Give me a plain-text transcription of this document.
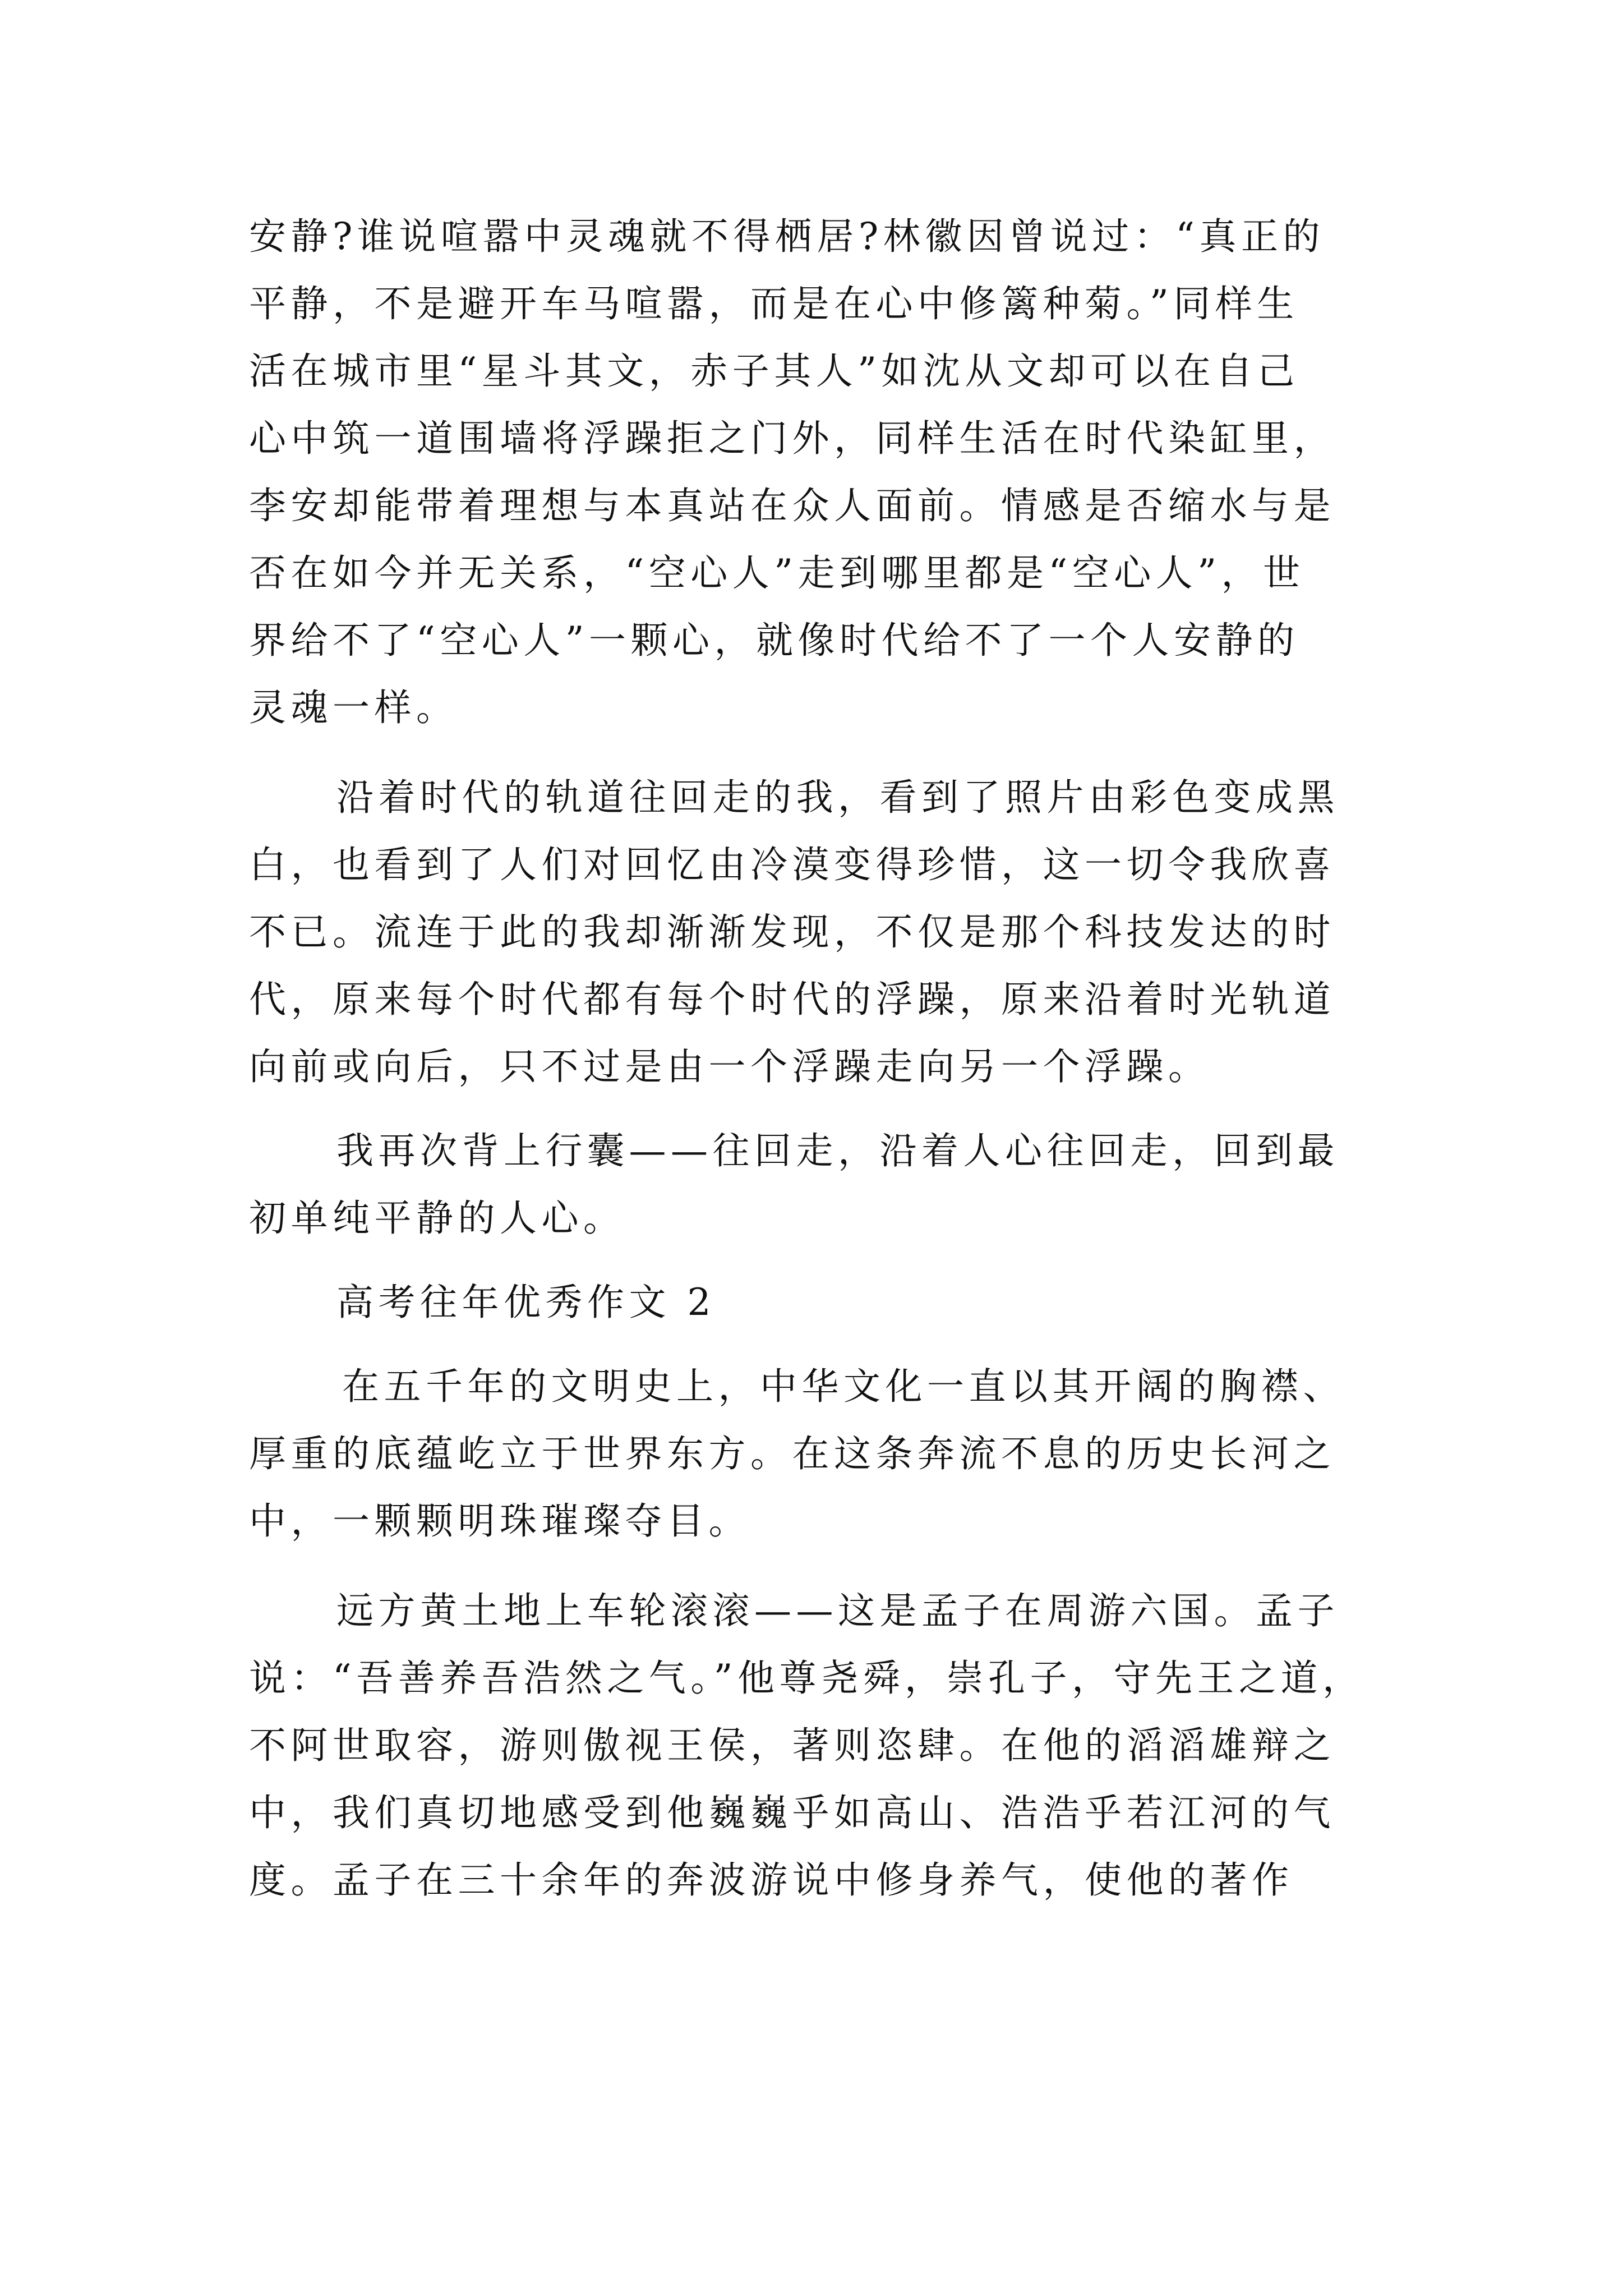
安静?谁说喧嚣中灵魂就不得栖居?林徽因曾说过：“真正的
平静，不是避开车马喧嚣，而是在心中修篱种菊。”同样生
活在城市里“星斗其文，赤子其人”如沈从文却可以在自己
心中筑一道围墙将浮躁拒之门外，同样生活在时代染缸里，
李安却能带着理想与本真站在众人面前。情感是否缩水与是
否在如今并无关系，“空心人”走到哪里都是“空心人”，世
界给不了“空心人”一颗心，就像时代给不了一个人安静的
灵魂一样。
沿着时代的轨道往回走的我，看到了照片由彩色变成黑
白，也看到了人们对回忆由冷漠变得珍惜，这一切令我欣喜
不已。流连于此的我却渐渐发现，不仅是那个科技发达的时
代，原来每个时代都有每个时代的浮躁，原来沿着时光轨道
向前或向后，只不过是由一个浮躁走向另一个浮躁。
我再次背上行囊——往回走，沿着人心往回走，回到最
初单纯平静的人心。
高考往年优秀作文 2
在五千年的文明史上，中华文化一直以其开阔的胸襟、
厚重的底蕴屹立于世界东方。在这条奔流不息的历史长河之
中，一颗颗明珠璀璨夺目。
远方黄土地上车轮滚滚——这是孟子在周游六国。孟子
说：“吾善养吾浩然之气。”他尊尧舜，崇孔子，守先王之道，
不阿世取容，游则傲视王侯，著则恣肆。在他的滔滔雄辩之
中，我们真切地感受到他巍巍乎如高山、浩浩乎若江河的气
度。孟子在三十余年的奔波游说中修身养气，使他的著作
